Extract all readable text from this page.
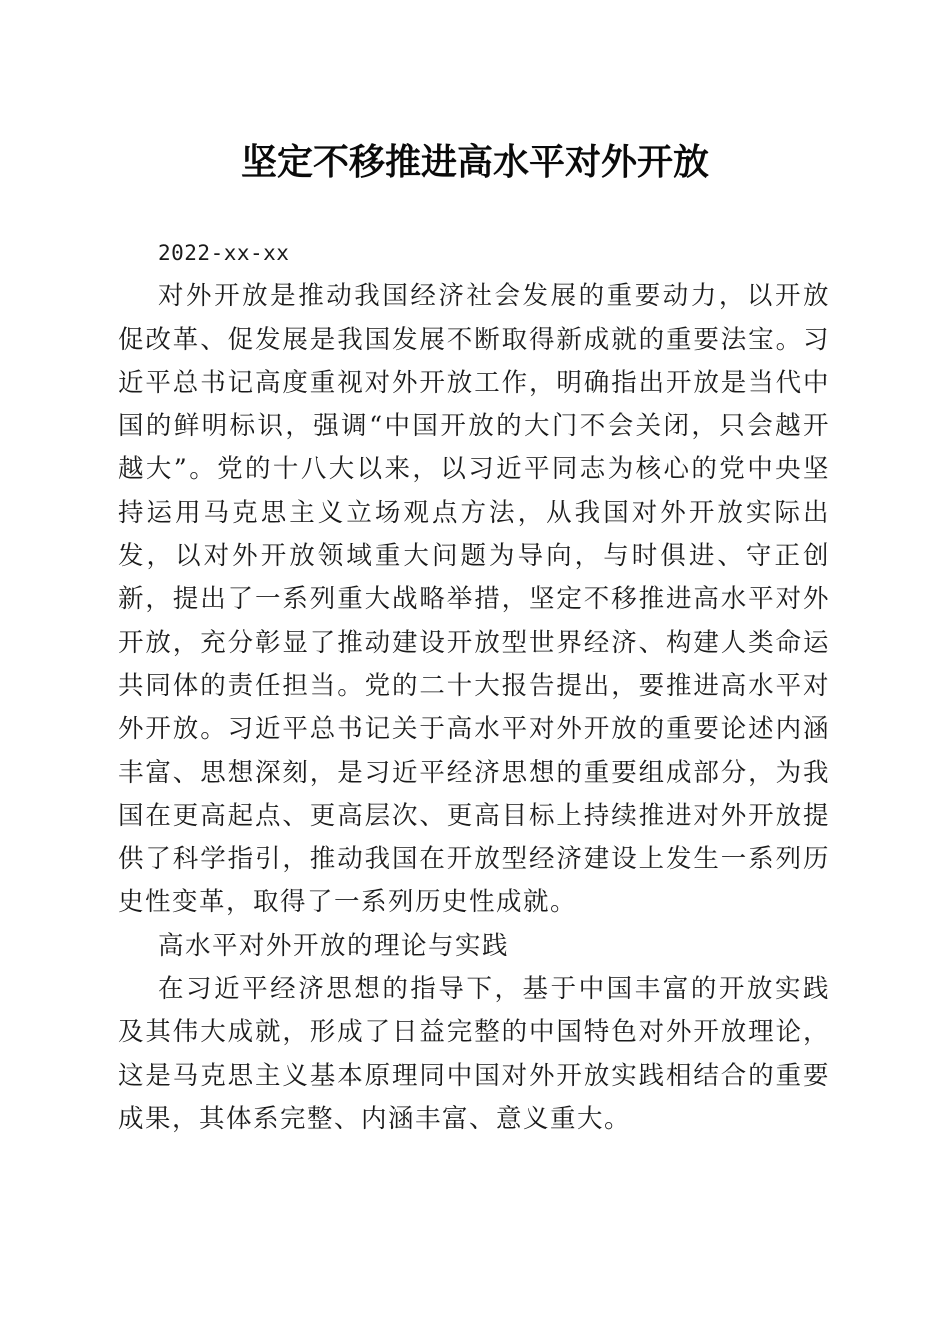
坚定不移推进高水平对外开放

2022-xx-xx

对外开放是推动我国经济社会发展的重要动力，以开放促改革、促发展是我国发展不断取得新成就的重要法宝。习近平总书记高度重视对外开放工作，明确指出开放是当代中国的鲜明标识，强调“中国开放的大门不会关闭，只会越开越大”。党的十八大以来，以习近平同志为核心的党中央坚持运用马克思主义立场观点方法，从我国对外开放实际出发，以对外开放领域重大问题为导向，与时俱进、守正创新，提出了一系列重大战略举措，坚定不移推进高水平对外开放，充分彰显了推动建设开放型世界经济、构建人类命运共同体的责任担当。党的二十大报告提出，要推进高水平对外开放。习近平总书记关于高水平对外开放的重要论述内涵丰富、思想深刻，是习近平经济思想的重要组成部分，为我国在更高起点、更高层次、更高目标上持续推进对外开放提供了科学指引，推动我国在开放型经济建设上发生一系列历史性变革，取得了一系列历史性成就。

高水平对外开放的理论与实践

在习近平经济思想的指导下，基于中国丰富的开放实践及其伟大成就，形成了日益完整的中国特色对外开放理论，这是马克思主义基本原理同中国对外开放实践相结合的重要成果，其体系完整、内涵丰富、意义重大。
